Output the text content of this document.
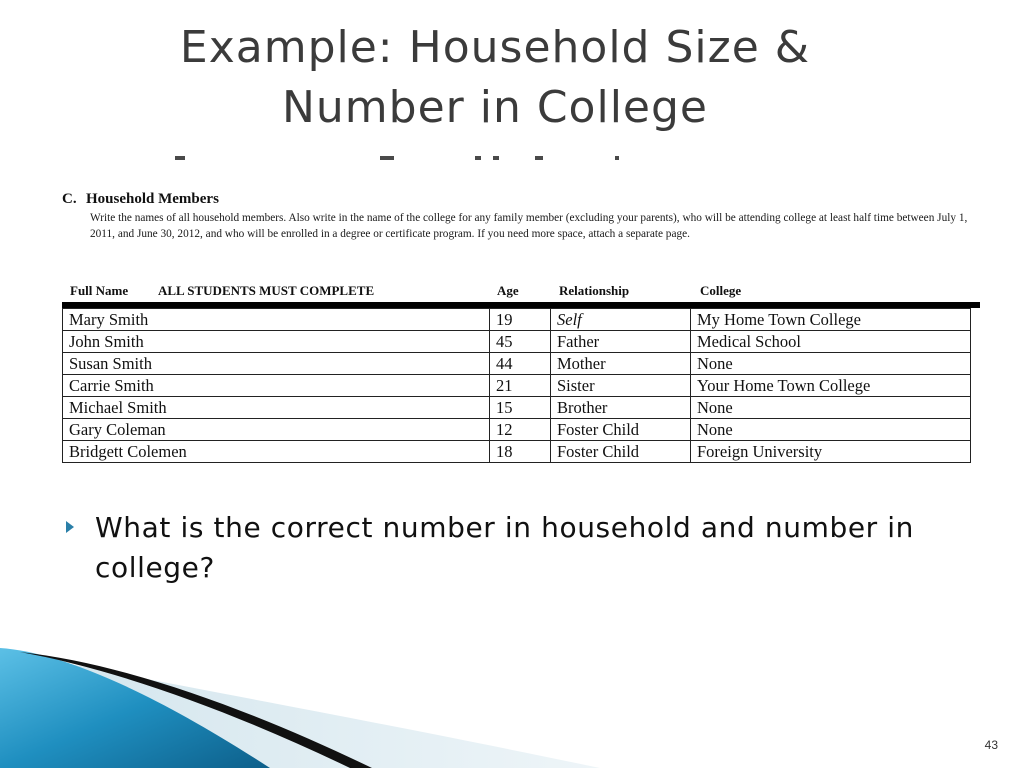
Example: Household Size &
Number in College
C. Household Members
Write the names of all household members. Also write in the name of the college for any family member (excluding your parents), who will be attending college at least half time between July 1, 2011, and June 30, 2012, and who will be enrolled in a degree or certificate program. If you need more space, attach a separate page.
Full Name ALL STUDENTS MUST COMPLETE	Age	Relationship	College
Mary Smith	19	Self	My Home Town College
John Smith	45	Father	Medical School
Susan Smith	44	Mother	None
Carrie Smith	21	Sister	Your Home Town College
Michael Smith	15	Brother	None
Gary Coleman	12	Foster Child	None
Bridgett Colemen	18	Foster Child	Foreign University
What is the correct number in household and number in college?
43
